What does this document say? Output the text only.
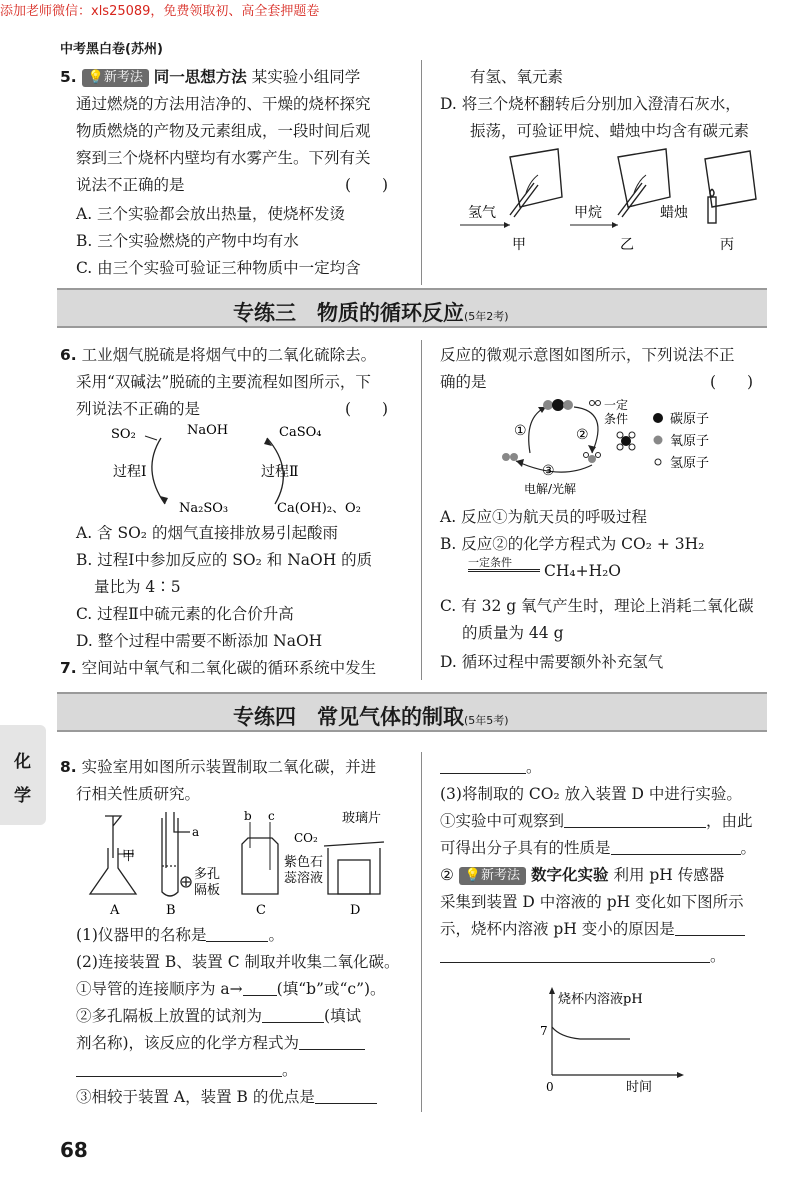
添加老师微信：xls25089，免费领取初、高全套押题卷
中考黑白卷(苏州)
5. 💡新考法 同一思想方法 某实验小组同学
通过燃烧的方法用洁净的、干燥的烧杯探究
物质燃烧的产物及元素组成，一段时间后观
察到三个烧杯内壁均有水雾产生。下列有关
说法不正确的是	(　　)
A. 三个实验都会放出热量，使烧杯发烫
B. 三个实验燃烧的产物中均有水
C. 由三个实验可验证三种物质中一定均含
有氢、氧元素
D. 将三个烧杯翻转后分别加入澄清石灰水，
振荡，可验证甲烷、蜡烛中均含有碳元素
氢气	甲烷	蜡烛
甲	乙	丙
专练三　物质的循环反应(5年2考)
6. 工业烟气脱硫是将烟气中的二氧化硫除去。
采用“双碱法”脱硫的主要流程如图所示，下
列说法不正确的是	(　　)
SO₂	NaOH	CaSO₄
过程Ⅰ	过程Ⅱ
Na₂SO₃	Ca(OH)₂、O₂
A. 含 SO₂ 的烟气直接排放易引起酸雨
B. 过程Ⅰ中参加反应的 SO₂ 和 NaOH 的质
量比为 4∶5
C. 过程Ⅱ中硫元素的化合价升高
D. 整个过程中需要不断添加 NaOH
7. 空间站中氧气和二氧化碳的循环系统中发生
反应的微观示意图如图所示，下列说法不正
确的是	(　　)
①	②
③
一定
条件
电解/光解
碳原子
氧原子
氢原子
A. 反应①为航天员的呼吸过程
B. 反应②的化学方程式为 CO₂ + 3H₂
一定条件 CH₄+H₂O
C. 有 32 g 氧气产生时，理论上消耗二氧化碳
的质量为 44 g
D. 循环过程中需要额外补充氢气
专练四　常见气体的制取(5年5考)
化
学
8. 实验室用如图所示装置制取二氧化碳，并进
行相关性质研究。
甲
a
多孔
隔板
b c
CO₂
玻璃片
紫色石
蕊溶液
A	B	C	D
(1)仪器甲的名称是	。
(2)连接装置 B、装置 C 制取并收集二氧化碳。
①导管的连接顺序为 a→ (填“b”或“c”)。
②多孔隔板上放置的试剂为	(填试
剂名称)，该反应的化学方程式为
。
③相较于装置 A，装置 B 的优点是
。
(3)将制取的 CO₂ 放入装置 D 中进行实验。
①实验中可观察到	，由此
可得出分子具有的性质是	。
② 💡新考法 数字化实验 利用 pH 传感器
采集到装置 D 中溶液的 pH 变化如下图所示
示，烧杯内溶液 pH 变小的原因是
。
烧杯内溶液pH
7
0	时间
68
